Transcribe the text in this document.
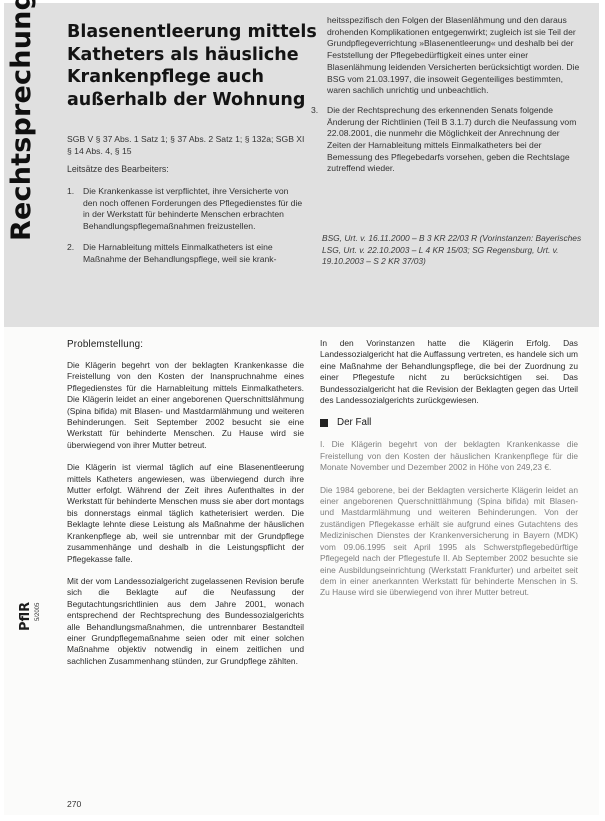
Blasenentleerung mittels
Katheters als häusliche
Krankenpflege auch
außerhalb der Wohnung
SGB V § 37 Abs. 1 Satz 1; § 37 Abs. 2 Satz 1; § 132a; SGB XI § 14 Abs. 4, § 15
Leitsätze des Bearbeiters:
1. Die Krankenkasse ist verpflichtet, ihre Versicherte von den noch offenen Forderungen des Pflegedienstes für die in der Werkstatt für behinderte Menschen erbrachten Behandlungspflegemaßnahmen freizustellen.
2. Die Harnableitung mittels Einmalkatheters ist eine Maßnahme der Behandlungspflege, weil sie krank-
heitsspezifisch den Folgen der Blasenlähmung und den daraus drohenden Komplikationen entgegenwirkt; zugleich ist sie Teil der Grundpflegeverrichtung »Blasenentleerung« und deshalb bei der Feststellung der Pflegebedürftigkeit eines unter einer Blasenlähmung leidenden Versicherten berücksichtigt worden. Die BSG vom 21.03.1997, die insoweit Gegenteiliges bestimmten, waren sachlich unrichtig und unbeachtlich.
3. Die der Rechtsprechung des erkennenden Senats folgende Änderung der Richtlinien (Teil B 3.1.7) durch die Neufassung vom 22.08.2001, die nunmehr die Möglichkeit der Anrechnung der Zeiten der Harnableitung mittels Einmalkatheters bei der Bemessung des Pflegebedarfs vorsehen, geben die Rechtslage zutreffend wieder.
BSG, Urt. v. 16.11.2000 – B 3 KR 22/03 R (Vorinstanzen: Bayerisches LSG, Urt. v. 22.10.2003 – L 4 KR 15/03; SG Regensburg, Urt. v. 19.10.2003 – S 2 KR 37/03)
Problemstellung:
Die Klägerin begehrt von der beklagten Krankenkasse die Freistellung von den Kosten der Inanspruchnahme eines Pflegedienstes für die Harnableitung mittels Einmalkatheters. Die Klägerin leidet an einer angeborenen Querschnittslähmung (Spina bifida) mit Blasen- und Mastdarmlähmung und weiteren Behinderungen. Seit September 2002 besucht sie eine Werkstatt für behinderte Menschen. Zu Hause wird sie überwiegend von ihrer Mutter betreut.
Die Klägerin ist viermal täglich auf eine Blasenentleerung mittels Katheters angewiesen, was überwiegend durch ihre Mutter erfolgt. Während der Zeit ihres Aufenthaltes in der Werkstatt für behinderte Menschen muss sie aber dort montags bis donnerstags einmal täglich katheterisiert werden. Die Beklagte lehnte diese Leistung als Maßnahme der häuslichen Krankenpflege ab, weil sie untrennbar mit der Grundpflege zusammenhänge und deshalb in die Leistungspflicht der Pflegekasse falle.
Mit der vom Landessozialgericht zugelassenen Revision berufe sich die Beklagte auf die Neufassung der Begutachtungsrichtlinien aus dem Jahre 2001, wonach entsprechend der Rechtsprechung des Bundessozialgerichts alle Behandlungsmaßnahmen, die untrennbarer Bestandteil einer Grundpflegemaßnahme seien oder mit einer solchen Maßnahme objektiv notwendig in einem zeitlichen und sachlichen Zusammenhang stünden, zur Grundpflege zählten.
In den Vorinstanzen hatte die Klägerin Erfolg. Das Landessozialgericht hat die Auffassung vertreten, es handele sich um eine Maßnahme der Behandlungspflege, die bei der Zuordnung zu einer Pflegestufe nicht zu berücksichtigen sei. Das Bundessozialgericht hat die Revision der Beklagten gegen das Urteil des Landessozialgerichts zurückgewiesen.
Der Fall
I. Die Klägerin begehrt von der beklagten Krankenkasse die Freistellung von den Kosten der häuslichen Krankenpflege für die Monate November und Dezember 2002 in Höhe von 249,23 €.
Die 1984 geborene, bei der Beklagten versicherte Klägerin leidet an einer angeborenen Querschnittlähmung (Spina bifida) mit Blasen- und Mastdarmlähmung und weiteren Behinderungen. Von der zuständigen Pflegekasse erhält sie aufgrund eines Gutachtens des Medizinischen Dienstes der Krankenversicherung in Bayern (MDK) vom 09.06.1995 seit April 1995 als Schwerstpflegebedürftige Pflegegeld nach der Pflegestufe II. Ab September 2002 besuchte sie eine Ausbildungseinrichtung (Werkstatt Frankfurter) und arbeitet seit dem in einer anerkannten Werkstatt für behinderte Menschen in S. Zu Hause wird sie überwiegend von ihrer Mutter betreut.
PflR 5/2005
270
